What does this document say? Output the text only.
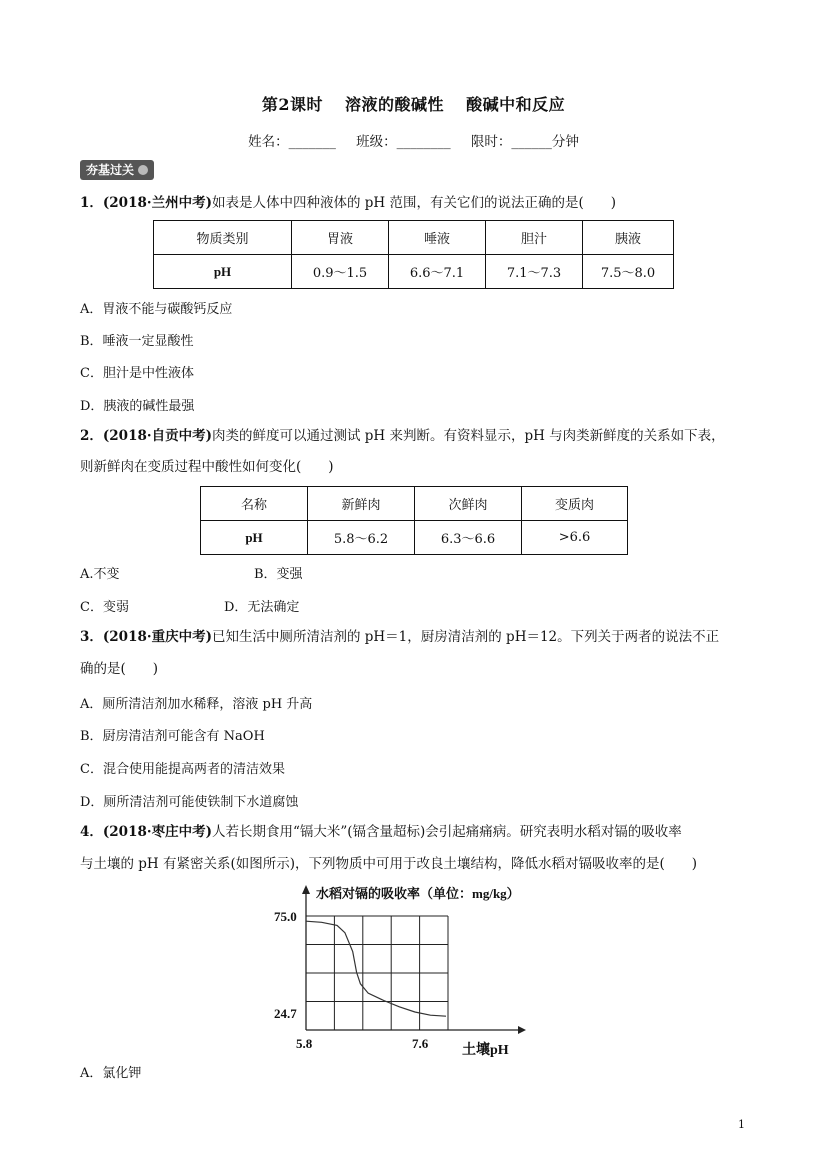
第2课时 溶液的酸碱性 酸碱中和反应
姓名：_______ 班级：________ 限时：______分钟
夯基过关
1．(2018·兰州中考)如表是人体中四种液体的 pH 范围，有关它们的说法正确的是(　　)
物质类别	胃液	唾液	胆汁	胰液
pH	0.9～1.5	6.6～7.1	7.1～7.3	7.5～8.0
A．胃液不能与碳酸钙反应
B．唾液一定显酸性
C．胆汁是中性液体
D．胰液的碱性最强
2．(2018·自贡中考)肉类的鲜度可以通过测试 pH 来判断。有资料显示，pH 与肉类新鲜度的关系如下表，
则新鲜肉在变质过程中酸性如何变化(　　)
名称	新鲜肉	次鲜肉	变质肉
pH	5.8～6.2	6.3～6.6	>6.6
A.不变	B．变强
C．变弱	D．无法确定
3．(2018·重庆中考)已知生活中厕所清洁剂的 pH＝1，厨房清洁剂的 pH＝12。下列关于两者的说法不正
确的是(　　)
A．厕所清洁剂加水稀释，溶液 pH 升高
B．厨房清洁剂可能含有 NaOH
C．混合使用能提高两者的清洁效果
D．厕所清洁剂可能使铁制下水道腐蚀
4．(2018·枣庄中考)人若长期食用“镉大米”(镉含量超标)会引起痛痛病。研究表明水稻对镉的吸收率
与土壤的 pH 有紧密关系(如图所示)，下列物质中可用于改良土壤结构，降低水稻对镉吸收率的是(　　)
水稻对镉的吸收率（单位：mg/kg）
75.0
24.7
5.8	7.6 土壤pH
A．氯化钾
1
